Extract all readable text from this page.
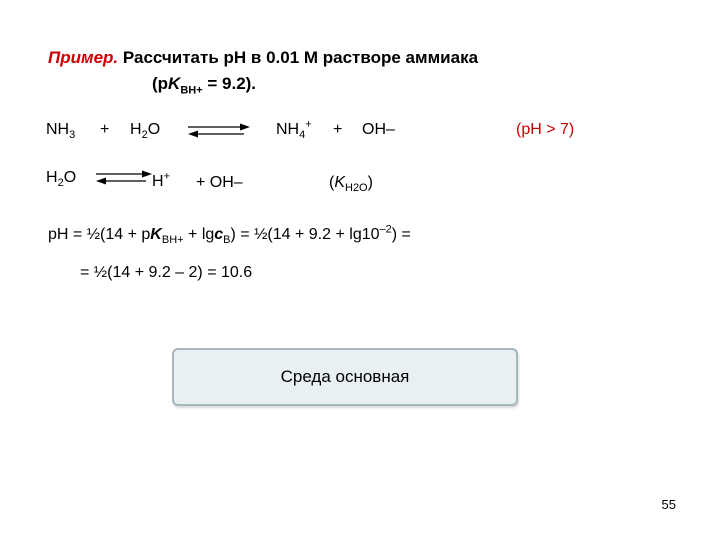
Пример. Рассчитать рН в 0.01 М растворе аммиака
$(pK_{BH+} = 9.2)$.
$NH_3 + H_2O$	$NH_4^+ + OH-$	(рН > 7)
$H_2O$	H+ + OH–	$(K_{H2O})$
pH = ½(14 + $pK_{BH+} + \lg c_B$) = ½(14 + $9.2 + \lg 10^{-2}$) =
= ½(14 + 9.2 – 2) = 10.6
Среда основная
55
